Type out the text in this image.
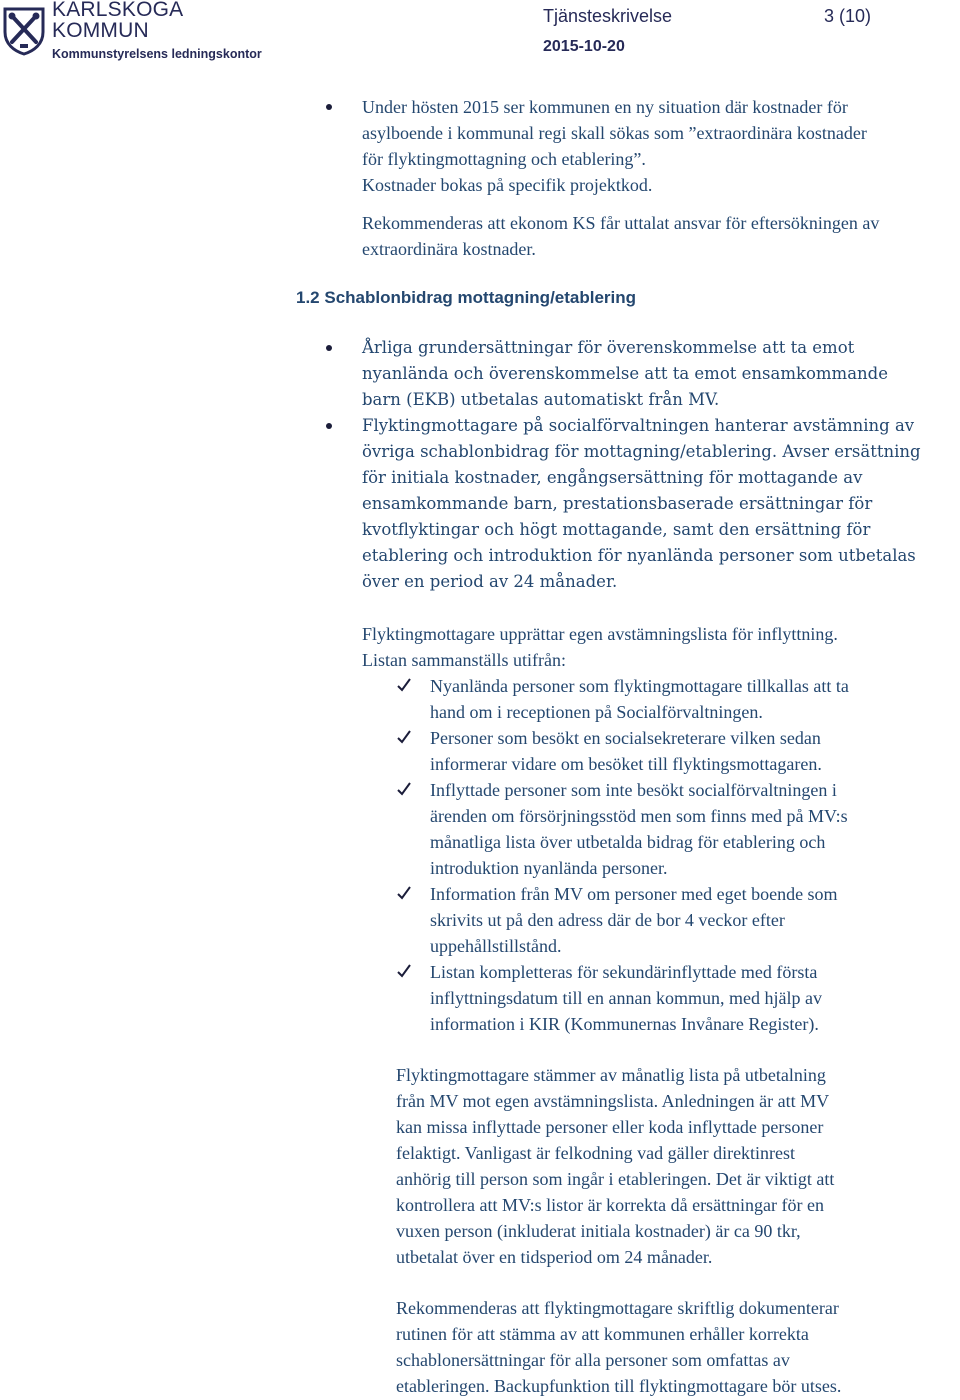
KARLSKOGA KOMMUN
Kommunstyrelsens ledningskontor
Tjänsteskrivelse	3 (10)
2015-10-20
Under hösten 2015 ser kommunen en ny situation där kostnader för
asylboende i kommunal regi skall sökas som ”extraordinära kostnader
för flyktingmottagning och etablering”.
Kostnader bokas på specifik projektkod.
Rekommenderas att ekonom KS får uttalat ansvar för eftersökningen av
extraordinära kostnader.
1.2 Schablonbidrag mottagning/etablering
Årliga grundersättningar för överenskommelse att ta emot
nyanlända och överenskommelse att ta emot ensamkommande
barn (EKB) utbetalas automatiskt från MV.
Flyktingmottagare på socialförvaltningen hanterar avstämning av
övriga schablonbidrag för mottagning/etablering. Avser ersättning
för initiala kostnader, engångsersättning för mottagande av
ensamkommande barn, prestationsbaserade ersättningar för
kvotflyktingar och högt mottagande, samt den ersättning för
etablering och introduktion för nyanlända personer som utbetalas
över en period av 24 månader.
Flyktingmottagare upprättar egen avstämningslista för inflyttning.
Listan sammanställs utifrån:
Nyanlända personer som flyktingmottagare tillkallas att ta
hand om i receptionen på Socialförvaltningen.
Personer som besökt en socialsekreterare vilken sedan
informerar vidare om besöket till flyktingsmottagaren.
Inflyttade personer som inte besökt socialförvaltningen i
ärenden om försörjningsstöd men som finns med på MV:s
månatliga lista över utbetalda bidrag för etablering och
introduktion nyanlända personer.
Information från MV om personer med eget boende som
skrivits ut på den adress där de bor 4 veckor efter
uppehållstillstånd.
Listan kompletteras för sekundärinflyttade med första
inflyttningsdatum till en annan kommun, med hjälp av
information i KIR (Kommunernas Invånare Register).

Flyktingmottagare stämmer av månatlig lista på utbetalning
från MV mot egen avstämningslista. Anledningen är att MV
kan missa inflyttade personer eller koda inflyttade personer
felaktigt. Vanligast är felkodning vad gäller direktinrest
anhörig till person som ingår i etableringen. Det är viktigt att
kontrollera att MV:s listor är korrekta då ersättningar för en
vuxen person (inkluderat initiala kostnader) är ca 90 tkr,
utbetalat över en tidsperiod om 24 månader.

Rekommenderas att flyktingmottagare skriftlig dokumenterar
rutinen för att stämma av att kommunen erhåller korrekta
schablonersättningar för alla personer som omfattas av
etableringen. Backupfunktion till flyktingmottagare bör utses.
